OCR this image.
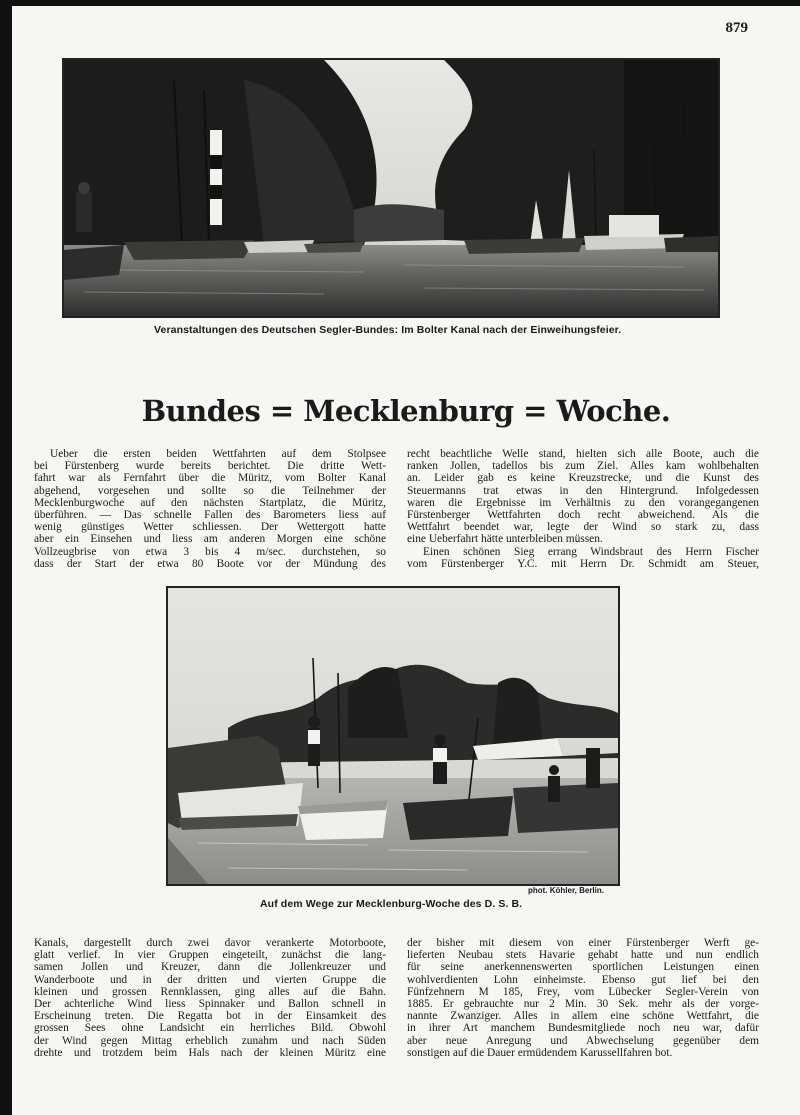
879
Veranstaltungen des Deutschen Segler-Bundes: Im Bolter Kanal nach der Einweihungsfeier.
Bundes = Mecklenburg = Woche.
Ueber die ersten beiden Wettfahrten auf dem Stolpsee
bei Fürstenberg wurde bereits berichtet. Die dritte Wett-
fahrt war als Fernfahrt über die Müritz, vom Bolter Kanal
abgehend, vorgesehen und sollte so die Teilnehmer der
Mecklenburgwoche auf den nächsten Startplatz, die Müritz,
überführen. — Das schnelle Fallen des Barometers liess auf
wenig günstiges Wetter schliessen. Der Wettergott hatte
aber ein Einsehen und liess am anderen Morgen eine schöne
Vollzeugbrise von etwa 3 bis 4 m/sec. durchstehen, so
dass der Start der etwa 80 Boote vor der Mündung des
recht beachtliche Welle stand, hielten sich alle Boote, auch die
ranken Jollen, tadellos bis zum Ziel. Alles kam wohlbehalten
an. Leider gab es keine Kreuzstrecke, und die Kunst des
Steuermanns trat etwas in den Hintergrund. Infolgedessen
waren die Ergebnisse im Verhältnis zu den vorangegangenen
Fürstenberger Wettfahrten doch recht abweichend. Als die
Wettfahrt beendet war, legte der Wind so stark zu, dass
eine Ueberfahrt hätte unterbleiben müssen.
Einen schönen Sieg errang Windsbraut des Herrn Fischer
vom Fürstenberger Y.C. mit Herrn Dr. Schmidt am Steuer,
phot. Köhler, Berlin.
Auf dem Wege zur Mecklenburg-Woche des D. S. B.
Kanals, dargestellt durch zwei davor verankerte Motorboote,
glatt verlief. In vier Gruppen eingeteilt, zunächst die lang-
samen Jollen und Kreuzer, dann die Jollenkreuzer und
Wanderboote und in der dritten und vierten Gruppe die
kleinen und grossen Rennklassen, ging alles auf die Bahn.
Der achterliche Wind liess Spinnaker und Ballon schnell in
Erscheinung treten. Die Regatta bot in der Einsamkeit des
grossen Sees ohne Landsicht ein herrliches Bild. Obwohl
der Wind gegen Mittag erheblich zunahm und nach Süden
drehte und trotzdem beim Hals nach der kleinen Müritz eine
der bisher mit diesem von einer Fürstenberger Werft ge-
lieferten Neubau stets Havarie gehabt hatte und nun endlich
für seine anerkennenswerten sportlichen Leistungen einen
wohlverdienten Lohn einheimste. Ebenso gut lief bei den
Fünfzehnern M 185, Frey, vom Lübecker Segler-Verein von
1885. Er gebrauchte nur 2 Min. 30 Sek. mehr als der vorge-
nannte Zwanziger. Alles in allem eine schöne Wettfahrt, die
in ihrer Art manchem Bundesmitgliede noch neu war, dafür
aber neue Anregung und Abwechselung gegenüber dem
sonstigen auf die Dauer ermüdendem Karussellfahren bot.
